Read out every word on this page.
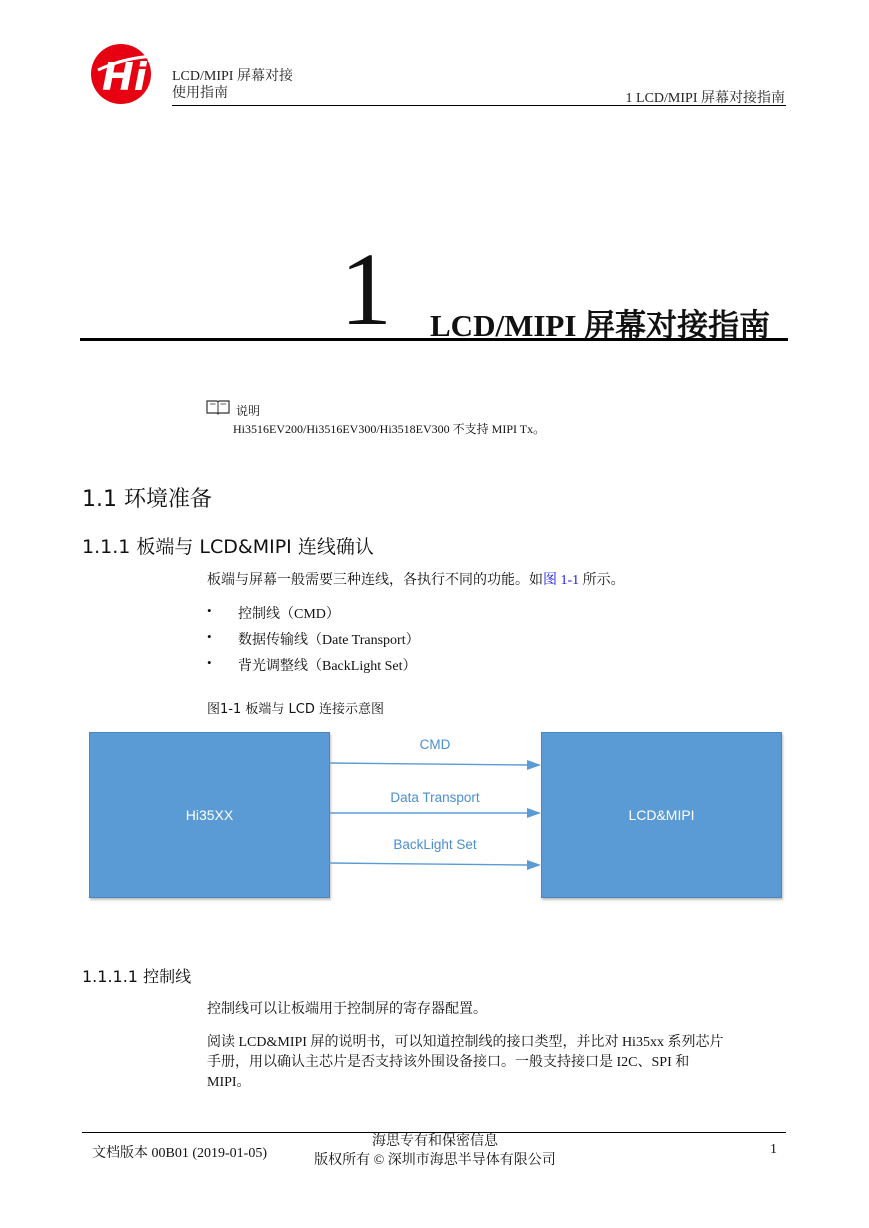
Hi LCD/MIPI 屏幕对接
使用指南	1 LCD/MIPI 屏幕对接指南
1 LCD/MIPI 屏幕对接指南
说明
Hi3516EV200/Hi3516EV300/Hi3518EV300 不支持 MIPI Tx。
1.1 环境准备
1.1.1 板端与 LCD&MIPI 连线确认
板端与屏幕一般需要三种连线，各执行不同的功能。如图 1-1 所示。
• 控制线（CMD）
• 数据传输线（Date Transport）
• 背光调整线（BackLight Set）
图1-1 板端与 LCD 连接示意图
Hi35XX	LCD&MIPI
CMD
Data Transport
BackLight Set
1.1.1.1 控制线
控制线可以让板端用于控制屏的寄存器配置。
阅读 LCD&MIPI 屏的说明书，可以知道控制线的接口类型，并比对 Hi35xx 系列芯片
手册，用以确认主芯片是否支持该外围设备接口。一般支持接口是 I2C、SPI 和
MIPI。
文档版本 00B01 (2019-01-05)
海思专有和保密信息
版权所有 © 深圳市海思半导体有限公司
1
